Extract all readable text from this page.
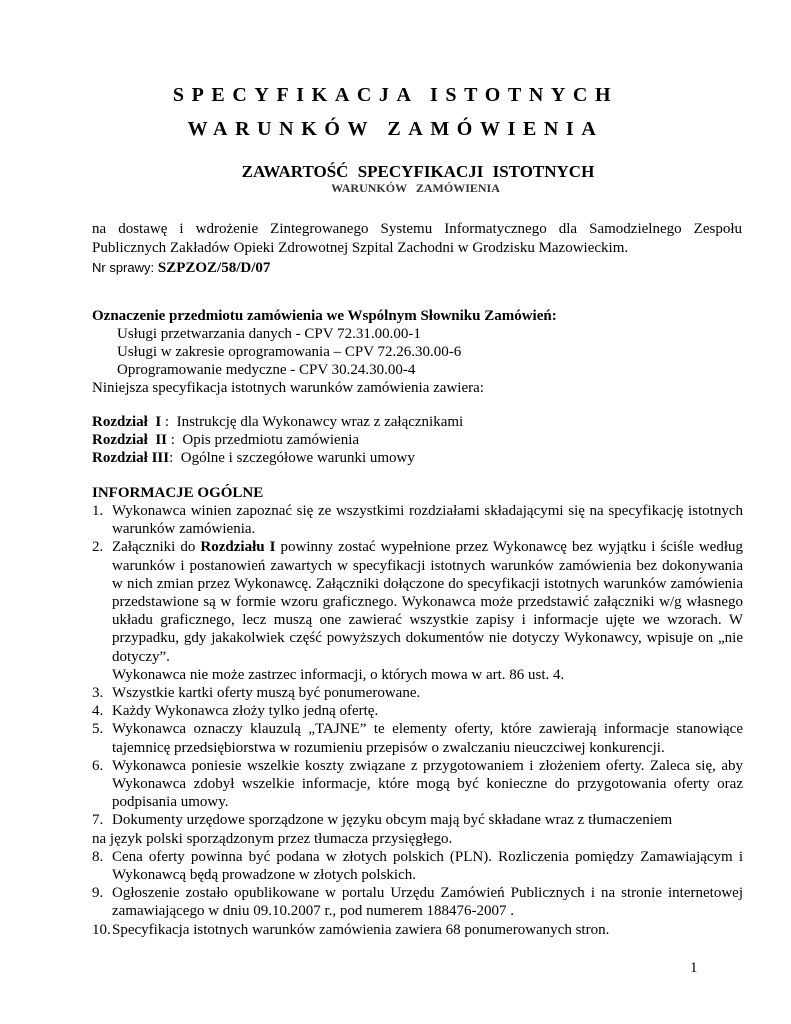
SPECYFIKACJA ISTOTNYCH
WARUNKÓW ZAMÓWIENIA
ZAWARTOŚĆ SPECYFIKACJI ISTOTNYCH
WARUNKÓW ZAMÓWIENIA
na dostawę i wdrożenie Zintegrowanego Systemu Informatycznego dla Samodzielnego Zespołu Publicznych Zakładów Opieki Zdrowotnej Szpital Zachodni w Grodzisku Mazowieckim.
Nr sprawy: SZPZOZ/58/D/07
Oznaczenie przedmiotu zamówienia we Wspólnym Słowniku Zamówień:
Usługi przetwarzania danych - CPV 72.31.00.00-1
Usługi w zakresie oprogramowania – CPV 72.26.30.00-6
Oprogramowanie medyczne - CPV 30.24.30.00-4
Niniejsza specyfikacja istotnych warunków zamówienia zawiera:
Rozdział  I :  Instrukcję dla Wykonawcy wraz z załącznikami
Rozdział  II :  Opis przedmiotu zamówienia
Rozdział III:  Ogólne i szczegółowe warunki umowy
INFORMACJE OGÓLNE
1. Wykonawca winien zapoznać się ze wszystkimi rozdziałami składającymi się na specyfikację istotnych warunków zamówienia.
2. Załączniki do Rozdziału I powinny zostać wypełnione przez Wykonawcę bez wyjątku i ściśle według warunków i postanowień zawartych w specyfikacji istotnych warunków zamówienia bez dokonywania w nich zmian przez Wykonawcę. Załączniki dołączone do specyfikacji istotnych warunków zamówienia przedstawione są w formie wzoru graficznego. Wykonawca może przedstawić załączniki w/g własnego układu graficznego, lecz muszą one zawierać wszystkie zapisy i informacje ujęte we wzorach. W przypadku, gdy jakakolwiek część powyższych dokumentów nie dotyczy Wykonawcy, wpisuje on „nie dotyczy”.
Wykonawca nie może zastrzec informacji, o których mowa w art. 86 ust. 4.
3. Wszystkie kartki oferty muszą być ponumerowane.
4. Każdy Wykonawca złoży tylko jedną ofertę.
5. Wykonawca oznaczy klauzulą „TAJNE” te elementy oferty, które zawierają informacje stanowiące tajemnicę przedsiębiorstwa w rozumieniu przepisów o zwalczaniu nieuczciwej konkurencji.
6. Wykonawca poniesie wszelkie koszty związane z przygotowaniem i złożeniem oferty. Zaleca się, aby Wykonawca zdobył wszelkie informacje, które mogą być konieczne do przygotowania oferty oraz podpisania umowy.
7. Dokumenty urzędowe sporządzone w języku obcym mają być składane wraz z tłumaczeniem
na język polski sporządzonym przez tłumacza przysięgłego.
8. Cena oferty powinna być podana w złotych polskich (PLN). Rozliczenia pomiędzy Zamawiającym i Wykonawcą będą prowadzone w złotych polskich.
9. Ogłoszenie zostało opublikowane w portalu Urzędu Zamówień Publicznych i na stronie internetowej zamawiającego w dniu 09.10.2007 r., pod numerem 188476-2007 .
10. Specyfikacja istotnych warunków zamówienia zawiera 68 ponumerowanych stron.
1
